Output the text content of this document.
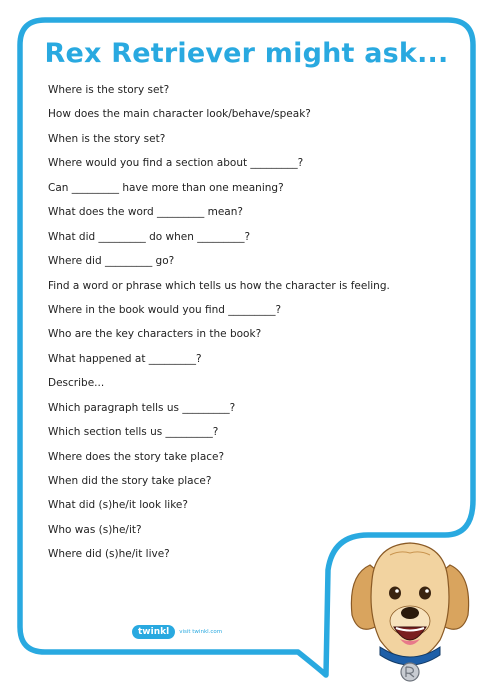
Rex Retriever might ask...
Where is the story set?
How does the main character look/behave/speak?
When is the story set?
Where would you find a section about _________?
Can _________ have more than one meaning?
What does the word _________ mean?
What did _________ do when _________?
Where did _________ go?
Find a word or phrase which tells us how the character is feeling.
Where in the book would you find _________?
Who are the key characters in the book?
What happened at _________?
Describe...
Which paragraph tells us _________?
Which section tells us _________?
Where does the story take place?
When did the story take place?
What did (s)he/it look like?
Who was (s)he/it?
Where did (s)he/it live?
twinkl	visit twinkl.com
